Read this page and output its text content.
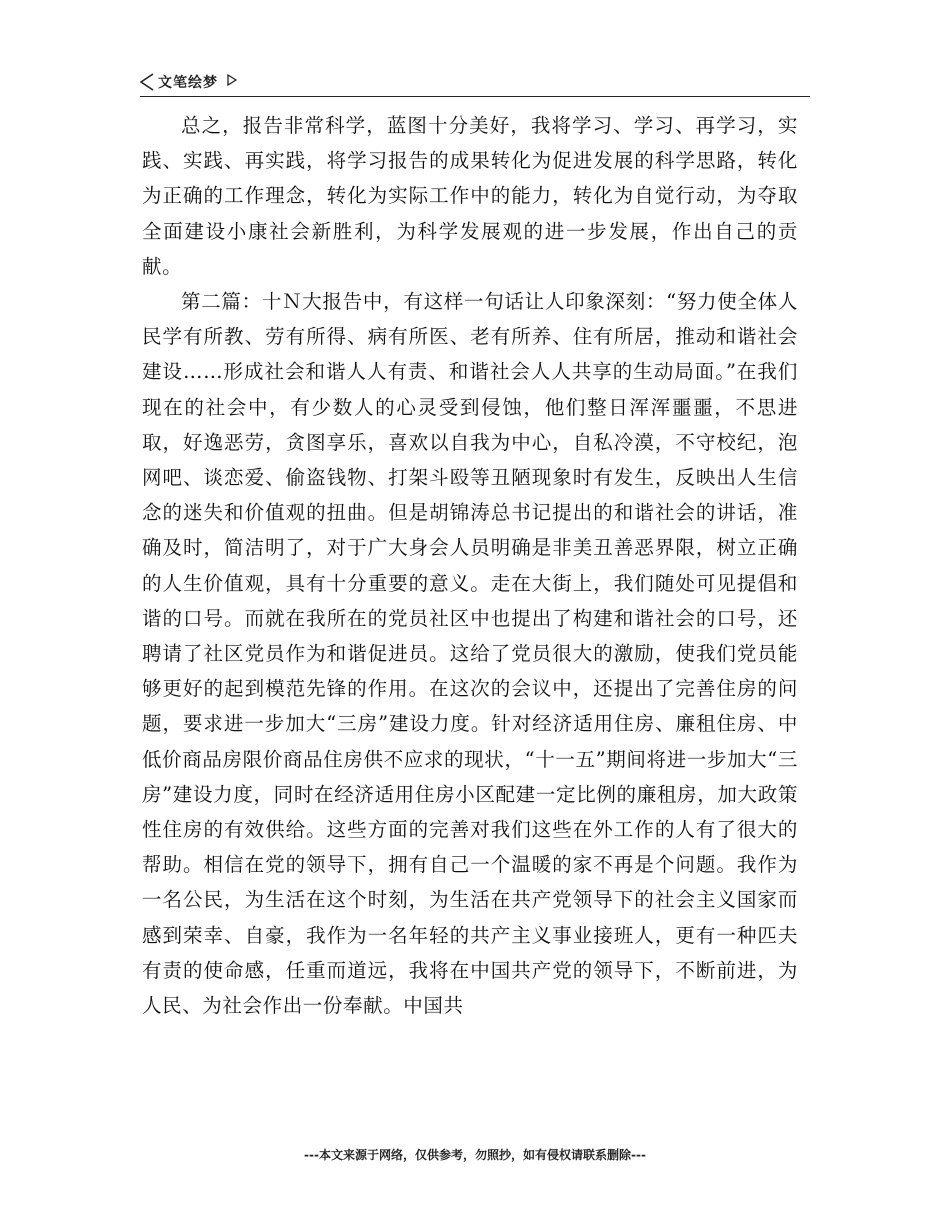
文笔绘梦

总之，报告非常科学，蓝图十分美好，我将学习、学习、再学习，实践、实践、再实践，将学习报告的成果转化为促进发展的科学思路，转化为正确的工作理念，转化为实际工作中的能力，转化为自觉行动，为夺取全面建设小康社会新胜利，为科学发展观的进一步发展，作出自己的贡献。

第二篇：十Ｎ大报告中，有这样一句话让人印象深刻：“努力使全体人民学有所教、劳有所得、病有所医、老有所养、住有所居，推动和谐社会建设……形成社会和谐人人有责、和谐社会人人共享的生动局面。”在我们现在的社会中，有少数人的心灵受到侵蚀，他们整日浑浑噩噩，不思进取，好逸恶劳，贪图享乐，喜欢以自我为中心，自私冷漠，不守校纪，泡网吧、谈恋爱、偷盗钱物、打架斗殴等丑陋现象时有发生，反映出人生信念的迷失和价值观的扭曲。但是胡锦涛总书记提出的和谐社会的讲话，准确及时，简洁明了，对于广大身会人员明确是非美丑善恶界限，树立正确的人生价值观，具有十分重要的意义。走在大街上，我们随处可见提倡和谐的口号。而就在我所在的党员社区中也提出了构建和谐社会的口号，还聘请了社区党员作为和谐促进员。这给了党员很大的激励，使我们党员能够更好的起到模范先锋的作用。在这次的会议中，还提出了完善住房的问题，要求进一步加大“三房”建设力度。针对经济适用住房、廉租住房、中低价商品房限价商品住房供不应求的现状，“十一五”期间将进一步加大“三房”建设力度，同时在经济适用住房小区配建一定比例的廉租房，加大政策性住房的有效供给。这些方面的完善对我们这些在外工作的人有了很大的帮助。相信在党的领导下，拥有自己一个温暖的家不再是个问题。我作为一名公民，为生活在这个时刻，为生活在共产党领导下的社会主义国家而感到荣幸、自豪，我作为一名年轻的共产主义事业接班人，更有一种匹夫有责的使命感，任重而道远，我将在中国共产党的领导下，不断前进，为人民、为社会作出一份奉献。中国共

---本文来源于网络，仅供参考，勿照抄，如有侵权请联系删除---
